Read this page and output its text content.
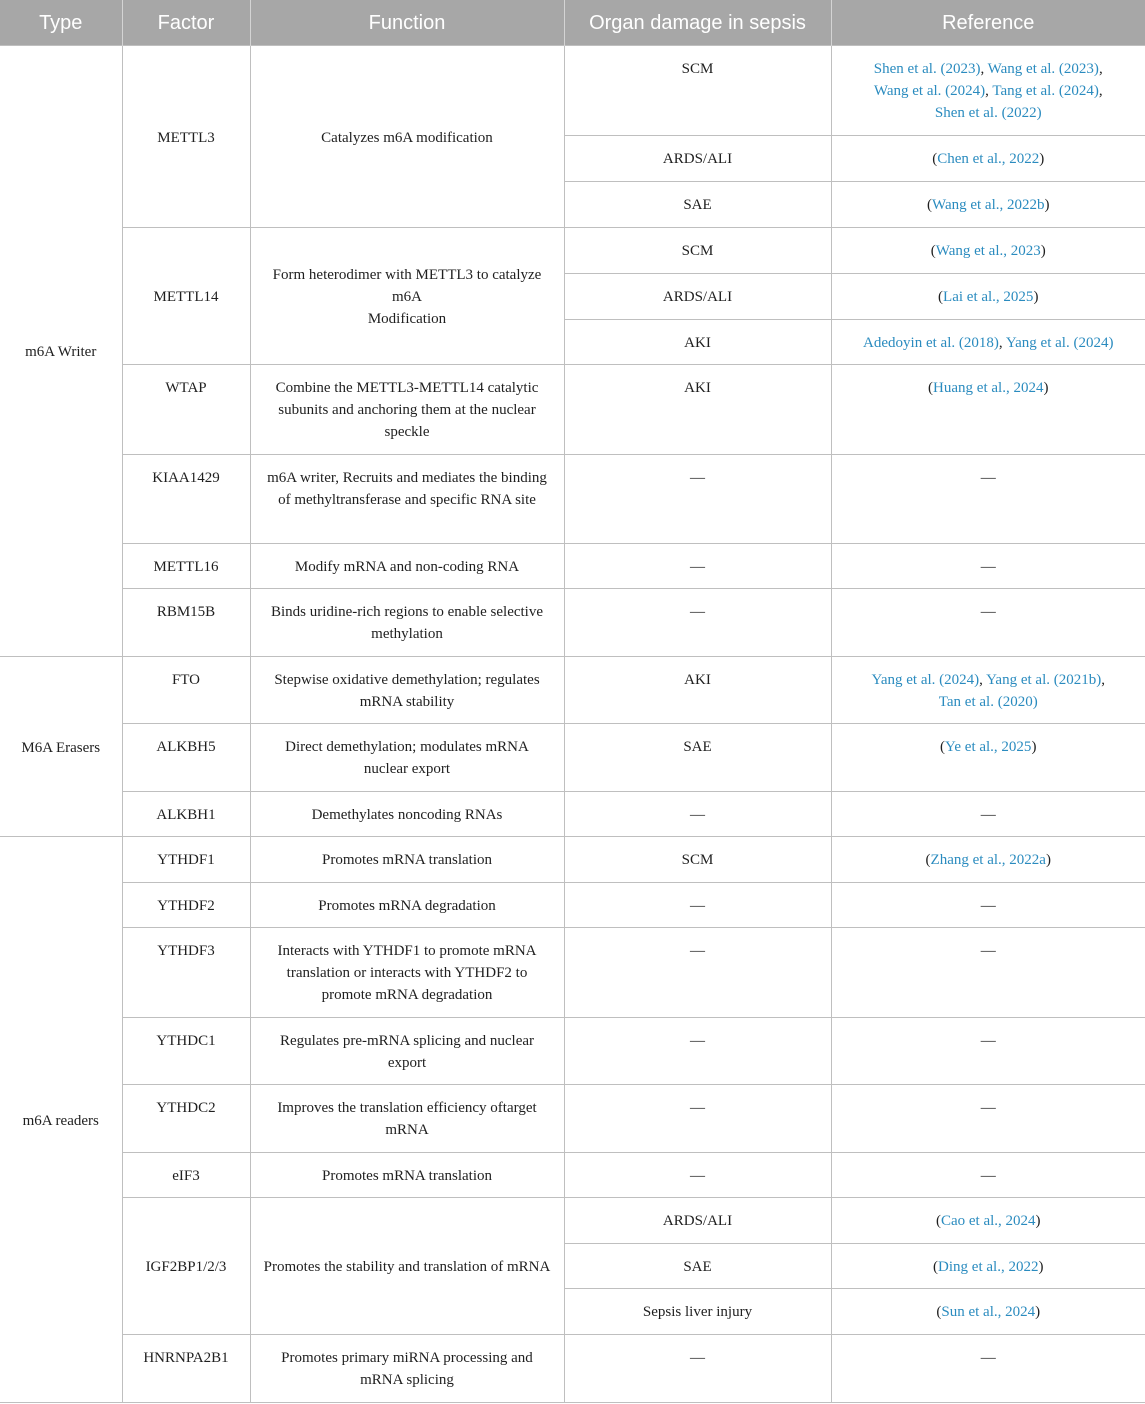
Type	Factor	Function	Organ damage in sepsis	Reference
m6A Writer	METTL3	Catalyzes m6A modification	SCM	Shen et al. (2023), Wang et al. (2023),
Wang et al. (2024), Tang et al. (2024),
Shen et al. (2022)
			ARDS/ALI	(Chen et al., 2022)
			SAE	(Wang et al., 2022b)
	METTL14	Form heterodimer with METTL3 to catalyze m6A
Modification	SCM	(Wang et al., 2023)
			ARDS/ALI	(Lai et al., 2025)
			AKI	Adedoyin et al. (2018), Yang et al. (2024)
	WTAP	Combine the METTL3-METTL14 catalytic subunits and anchoring them at the nuclear speckle	AKI	(Huang et al., 2024)
	KIAA1429	m6A writer, Recruits and mediates the binding of methyltransferase and specific RNA site	—	—
	METTL16	Modify mRNA and non-coding RNA	—	—
	RBM15B	Binds uridine-rich regions to enable selective methylation	—	—
M6A Erasers	FTO	Stepwise oxidative demethylation; regulates mRNA stability	AKI	Yang et al. (2024), Yang et al. (2021b),
Tan et al. (2020)
	ALKBH5	Direct demethylation; modulates mRNA nuclear export	SAE	(Ye et al., 2025)
	ALKBH1	Demethylates noncoding RNAs	—	—
m6A readers	YTHDF1	Promotes mRNA translation	SCM	(Zhang et al., 2022a)
	YTHDF2	Promotes mRNA degradation	—	—
	YTHDF3	Interacts with YTHDF1 to promote mRNA translation or interacts with YTHDF2 to promote mRNA degradation	—	—
	YTHDC1	Regulates pre-mRNA splicing and nuclear export	—	—
	YTHDC2	Improves the translation efficiency oftarget mRNA	—	—
	eIF3	Promotes mRNA translation	—	—
	IGF2BP1/2/3	Promotes the stability and translation of mRNA	ARDS/ALI	(Cao et al., 2024)
			SAE	(Ding et al., 2022)
			Sepsis liver injury	(Sun et al., 2024)
	HNRNPA2B1	Promotes primary miRNA processing and mRNA splicing	—	—
